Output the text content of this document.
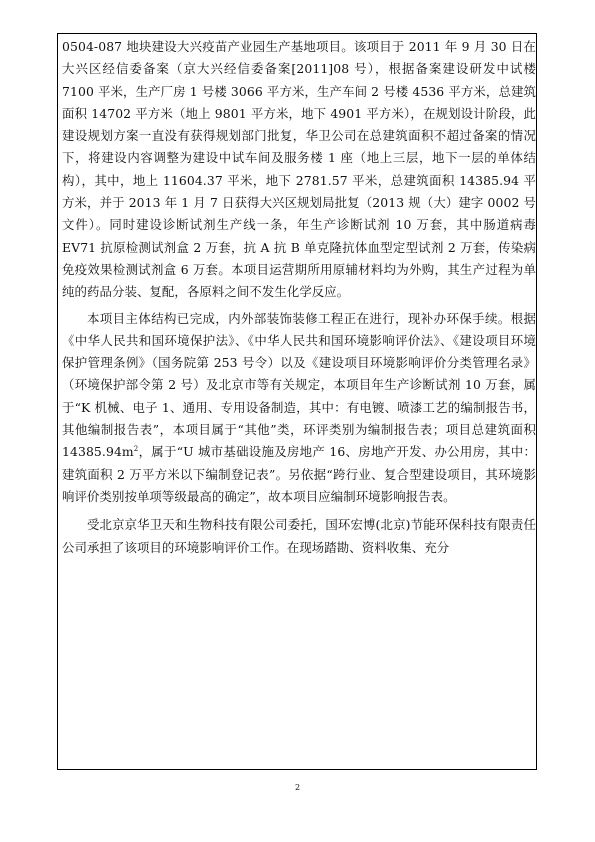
0504-087 地块建设大兴疫苗产业园生产基地项目。该项目于 2011 年 9 月 30 日在大兴区经信委备案（京大兴经信委备案[2011]08 号），根据备案建设研发中试楼 7100 平米，生产厂房 1 号楼 3066 平方米，生产车间 2 号楼 4536 平方米，总建筑面积 14702 平方米（地上 9801 平方米，地下 4901 平方米），在规划设计阶段，此建设规划方案一直没有获得规划部门批复，华卫公司在总建筑面积不超过备案的情况下，将建设内容调整为建设中试车间及服务楼 1 座（地上三层，地下一层的单体结构），其中，地上 11604.37 平米，地下 2781.57 平米，总建筑面积 14385.94 平方米，并于 2013 年 1 月 7 日获得大兴区规划局批复（2013 规（大）建字 0002 号文件）。同时建设诊断试剂生产线一条，年生产诊断试剂 10 万套，其中肠道病毒 EV71 抗原检测试剂盒 2 万套，抗 A 抗 B 单克隆抗体血型定型试剂 2 万套，传染病免疫效果检测试剂盒 6 万套。本项目运营期所用原辅材料均为外购，其生产过程为单纯的药品分装、复配，各原料之间不发生化学反应。

本项目主体结构已完成，内外部装饰装修工程正在进行，现补办环保手续。根据《中华人民共和国环境保护法》、《中华人民共和国环境影响评价法》、《建设项目环境保护管理条例》（国务院第 253 号令）以及《建设项目环境影响评价分类管理名录》（环境保护部令第 2 号）及北京市等有关规定，本项目年生产诊断试剂 10 万套，属于“K 机械、电子 1、通用、专用设备制造，其中：有电镀、喷漆工艺的编制报告书，其他编制报告表”，本项目属于“其他”类，环评类别为编制报告表；项目总建筑面积 $14385.94m^2$，属于“U 城市基础设施及房地产 16、房地产开发、办公用房，其中：建筑面积 2 万平方米以下编制登记表”。另依据“跨行业、复合型建设项目，其环境影响评价类别按单项等级最高的确定”，故本项目应编制环境影响报告表。

受北京京华卫天和生物科技有限公司委托，国环宏博(北京)节能环保科技有限责任公司承担了该项目的环境影响评价工作。在现场踏勘、资料收集、充分

2
